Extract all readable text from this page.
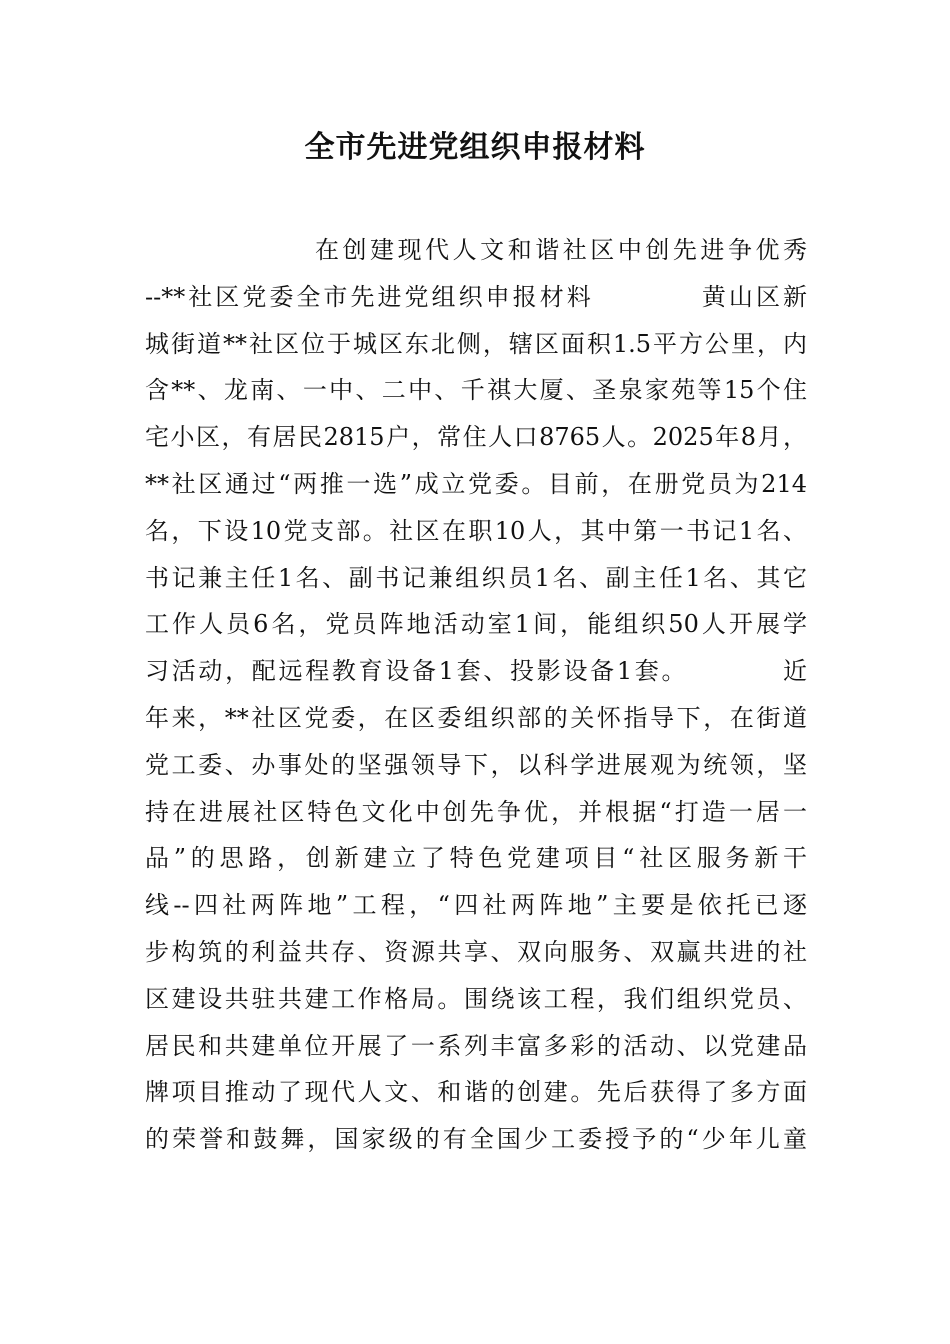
全市先进党组织申报材料
在创建现代人文和谐社区中创先进争优秀
--**社区党委全市先进党组织申报材料　　　　黄山区新
城街道**社区位于城区东北侧，辖区面积1.5平方公里，内
含**、龙南、一中、二中、千祺大厦、圣泉家苑等15个住
宅小区，有居民2815户，常住人口8765人。2025年8月，
**社区通过“两推一选”成立党委。目前，在册党员为214
名，下设10党支部。社区在职10人，其中第一书记1名、
书记兼主任1名、副书记兼组织员1名、副主任1名、其它
工作人员6名，党员阵地活动室1间，能组织50人开展学
习活动，配远程教育设备1套、投影设备1套。　　　　近
年来，**社区党委，在区委组织部的关怀指导下，在街道
党工委、办事处的坚强领导下，以科学进展观为统领，坚
持在进展社区特色文化中创先争优，并根据“打造一居一
品”的思路，创新建立了特色党建项目“社区服务新干
线--四社两阵地”工程，“四社两阵地”主要是依托已逐
步构筑的利益共存、资源共享、双向服务、双赢共进的社
区建设共驻共建工作格局。围绕该工程，我们组织党员、
居民和共建单位开展了一系列丰富多彩的活动、以党建品
牌项目推动了现代人文、和谐的创建。先后获得了多方面
的荣誉和鼓舞，国家级的有全国少工委授予的“少年儿童
